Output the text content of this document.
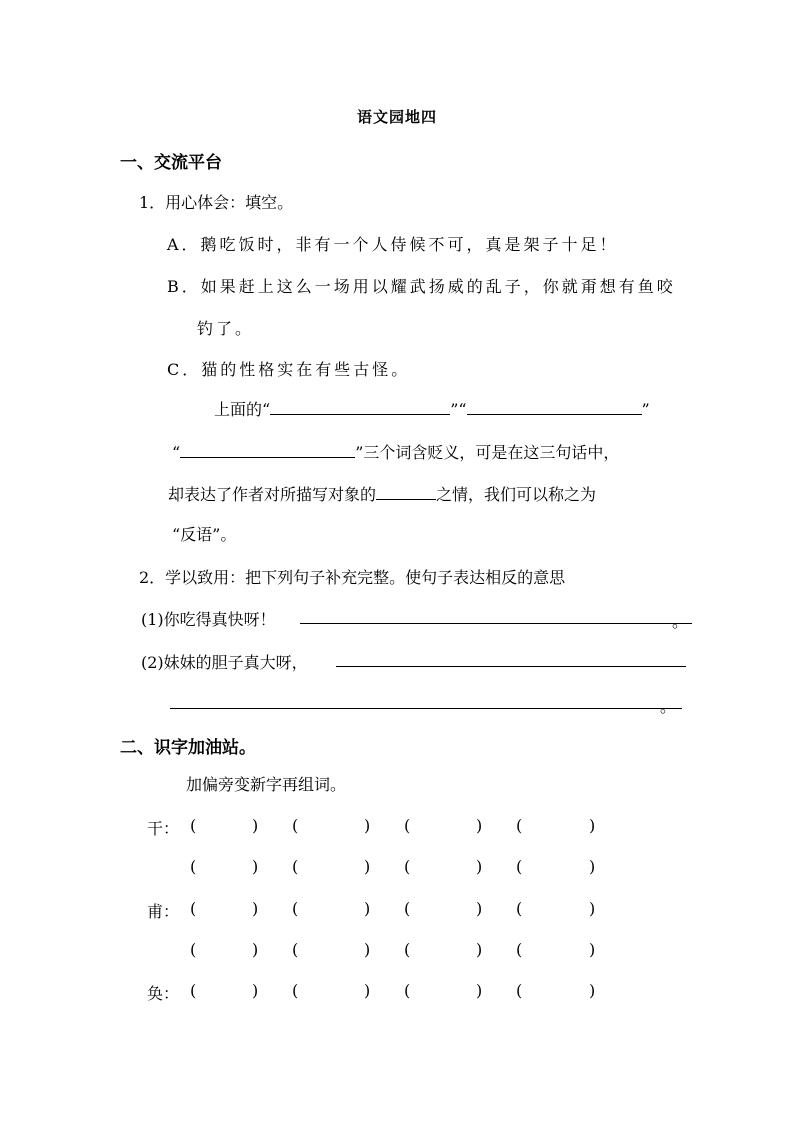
语文园地四
一、交流平台
1．用心体会：填空。
A．鹅吃饭时，非有一个人侍候不可，真是架子十足！
B．如果赶上这么一场用以耀武扬威的乱子，你就甭想有鱼咬
钓了。
C．猫的性格实在有些古怪。
上面的“	”“	”
“	”三个词含贬义，可是在这三句话中，
却表达了作者对所描写对象的	之情，我们可以称之为
“反语”。
2．学以致用：把下列句子补充完整。使句子表达相反的意思
(1)你吃得真快呀！	。
(2)妹妹的胆子真大呀，
。
二、识字加油站。
加偏旁变新字再组词。
干： (	) (	) (	) (	)
(	) (	) (	) (	)
甫： (	) (	) (	) (	)
(	) (	) (	) (	)
奂： (	) (	) (	) (	)
